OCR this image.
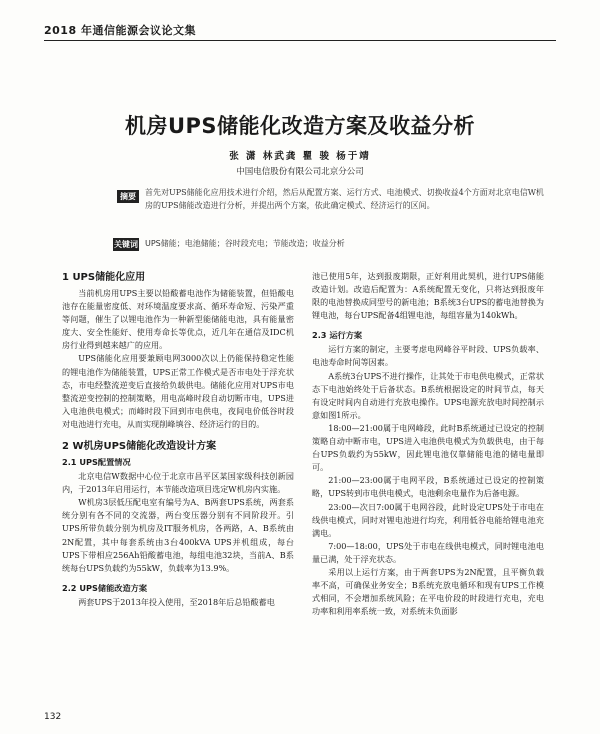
2018 年通信能源会议论文集
机房UPS储能化改造方案及收益分析
张 潇 林武龚 瞿 骏 杨于靖
中国电信股份有限公司北京分公司
摘要	首先对UPS储能化应用技术进行介绍，然后从配置方案、运行方式、电池模式、切换收益4个方面对北京电信W机房的UPS储能改造进行分析，并提出两个方案，依此确定模式、经济运行的区间。
关键词 UPS储能；电池储能；谷时段充电；节能改造；收益分析
1 UPS储能化应用

当前机房用UPS主要以铅酸蓄电池作为储能装置，但铅酸电池存在能量密度低、对环境温度要求高、循环寿命短、污染严重等问题，催生了以锂电池作为一种新型能储能电池，具有能量密度大、安全性能好、使用寿命长等优点，近几年在通信及IDC机房行业得到越来越广的应用。

UPS储能化应用要兼顾电网3000次以上仍能保持稳定性能的锂电池作为储能装置，UPS正常工作模式是否市电处于浮充状态，市电经整流逆变后直接给负载供电。储能化应用对UPS市电整流逆变控制的控制策略，用电高峰时段自动切断市电，UPS进入电池供电模式；而峰时段下回到市电供电，夜间电价低谷时段对电池进行充电，从而实现削峰填谷、经济运行的目的。

2 W机房UPS储能化改造设计方案
2.1 UPS配置情况

北京电信W数据中心位于北京市昌平区某国家级科技创新园内，于2013年启用运行，本节能改造项目选定W机房内实施。

W机房3层低压配电室有编号为A、B两套UPS系统，两套系统分别有各不同的交流器，两台变压器分别有不同阶段开。引UPS所带负载分别为机房及IT服务机房，各两路，A、B系统由2N配置，其中每套系统由3台400kVA UPS并机组成，每台UPS下带相应256Ah铅酸蓄电池，每组电池32块，当前A、B系统每台UPS负载约为55kW，负载率为13.9%。

2.2 UPS储能改造方案

两套UPS于2013年投入使用，至2018年后总铅酸蓄电

池已使用5年，达到报废期限，正好利用此契机，进行UPS储能改造计划。改造后配置为：A系统配置无变化，只将达到报废年限的电池替换成同型号的新电池；B系统3台UPS的蓄电池替换为锂电池，每台UPS配备4组锂电池，每组容量为140kWh。

2.3 运行方案

运行方案的制定，主要考虑电网峰谷平时段、UPS负载率、电池寿命时间等因素。

A系统3台UPS不进行操作，让其处于市电供电模式，正常状态下电池始终处于后备状态。B系统根据设定的时间节点，每天有设定时间内自动进行充放电操作。UPS电源充放电时间控制示意如图1所示。

18:00—21:00属于电网峰段，此时B系统通过已设定的控制策略自动中断市电，UPS进入电池供电模式为负载供电，由于每台UPS负载约为55kW，因此锂电池仅靠储能电池的储电量即可。

21:00—23:00属于电网平段，B系统通过已设定的控制策略，UPS转到市电供电模式，电池剩余电量作为后备电源。

23:00—次日7:00属于电网谷段，此时设定UPS处于市电在线供电模式，同时对锂电池进行均充，利用低谷电能给锂电池充满电。

7:00—18:00，UPS处于市电在线供电模式，同时锂电池电量已满，处于浮充状态。

采用以上运行方案，由于两套UPS为2N配置，且平衡负载率不高，可确保业务安全；B系统充放电循环和现有UPS工作模式相同，不会增加系统风险；在平电价段的时段进行充电，充电功率和利用率系统一致，对系统未负面影

132
